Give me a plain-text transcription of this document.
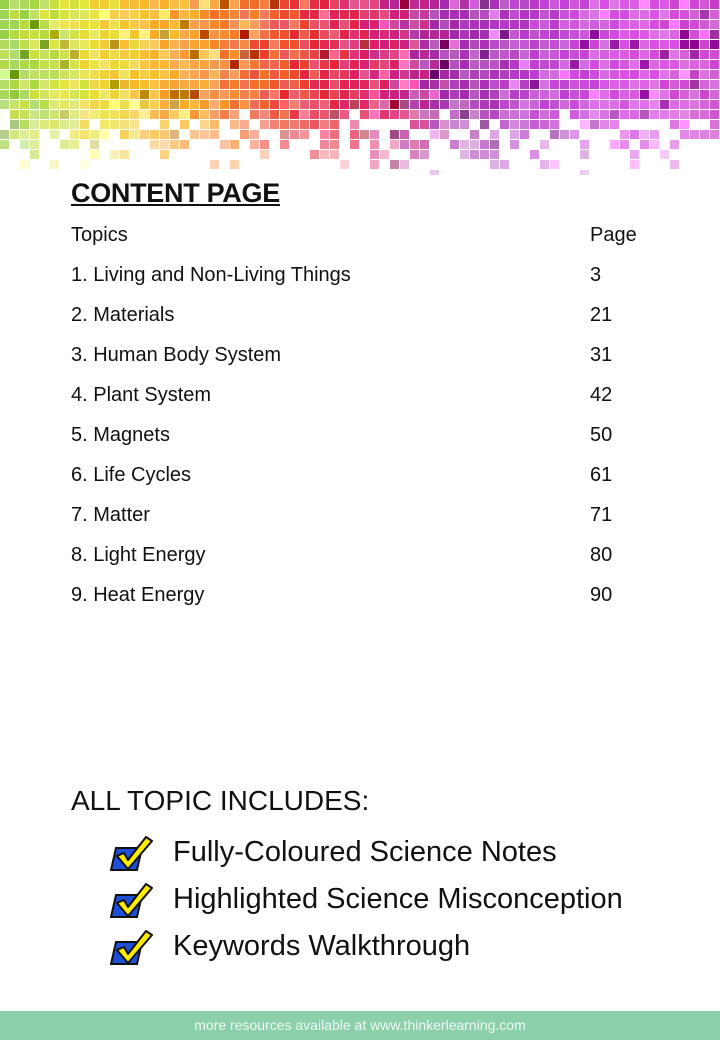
CONTENT PAGE
Topics	Page
1. Living and Non-Living Things	3
2. Materials	21
3. Human Body System	31
4. Plant System	42
5. Magnets	50
6. Life Cycles	61
7. Matter	71
8. Light Energy	80
9. Heat Energy	90
ALL TOPIC INCLUDES:
Fully-Coloured Science Notes
Highlighted Science Misconception
Keywords Walkthrough
more resources available at www.thinkerlearning.com
